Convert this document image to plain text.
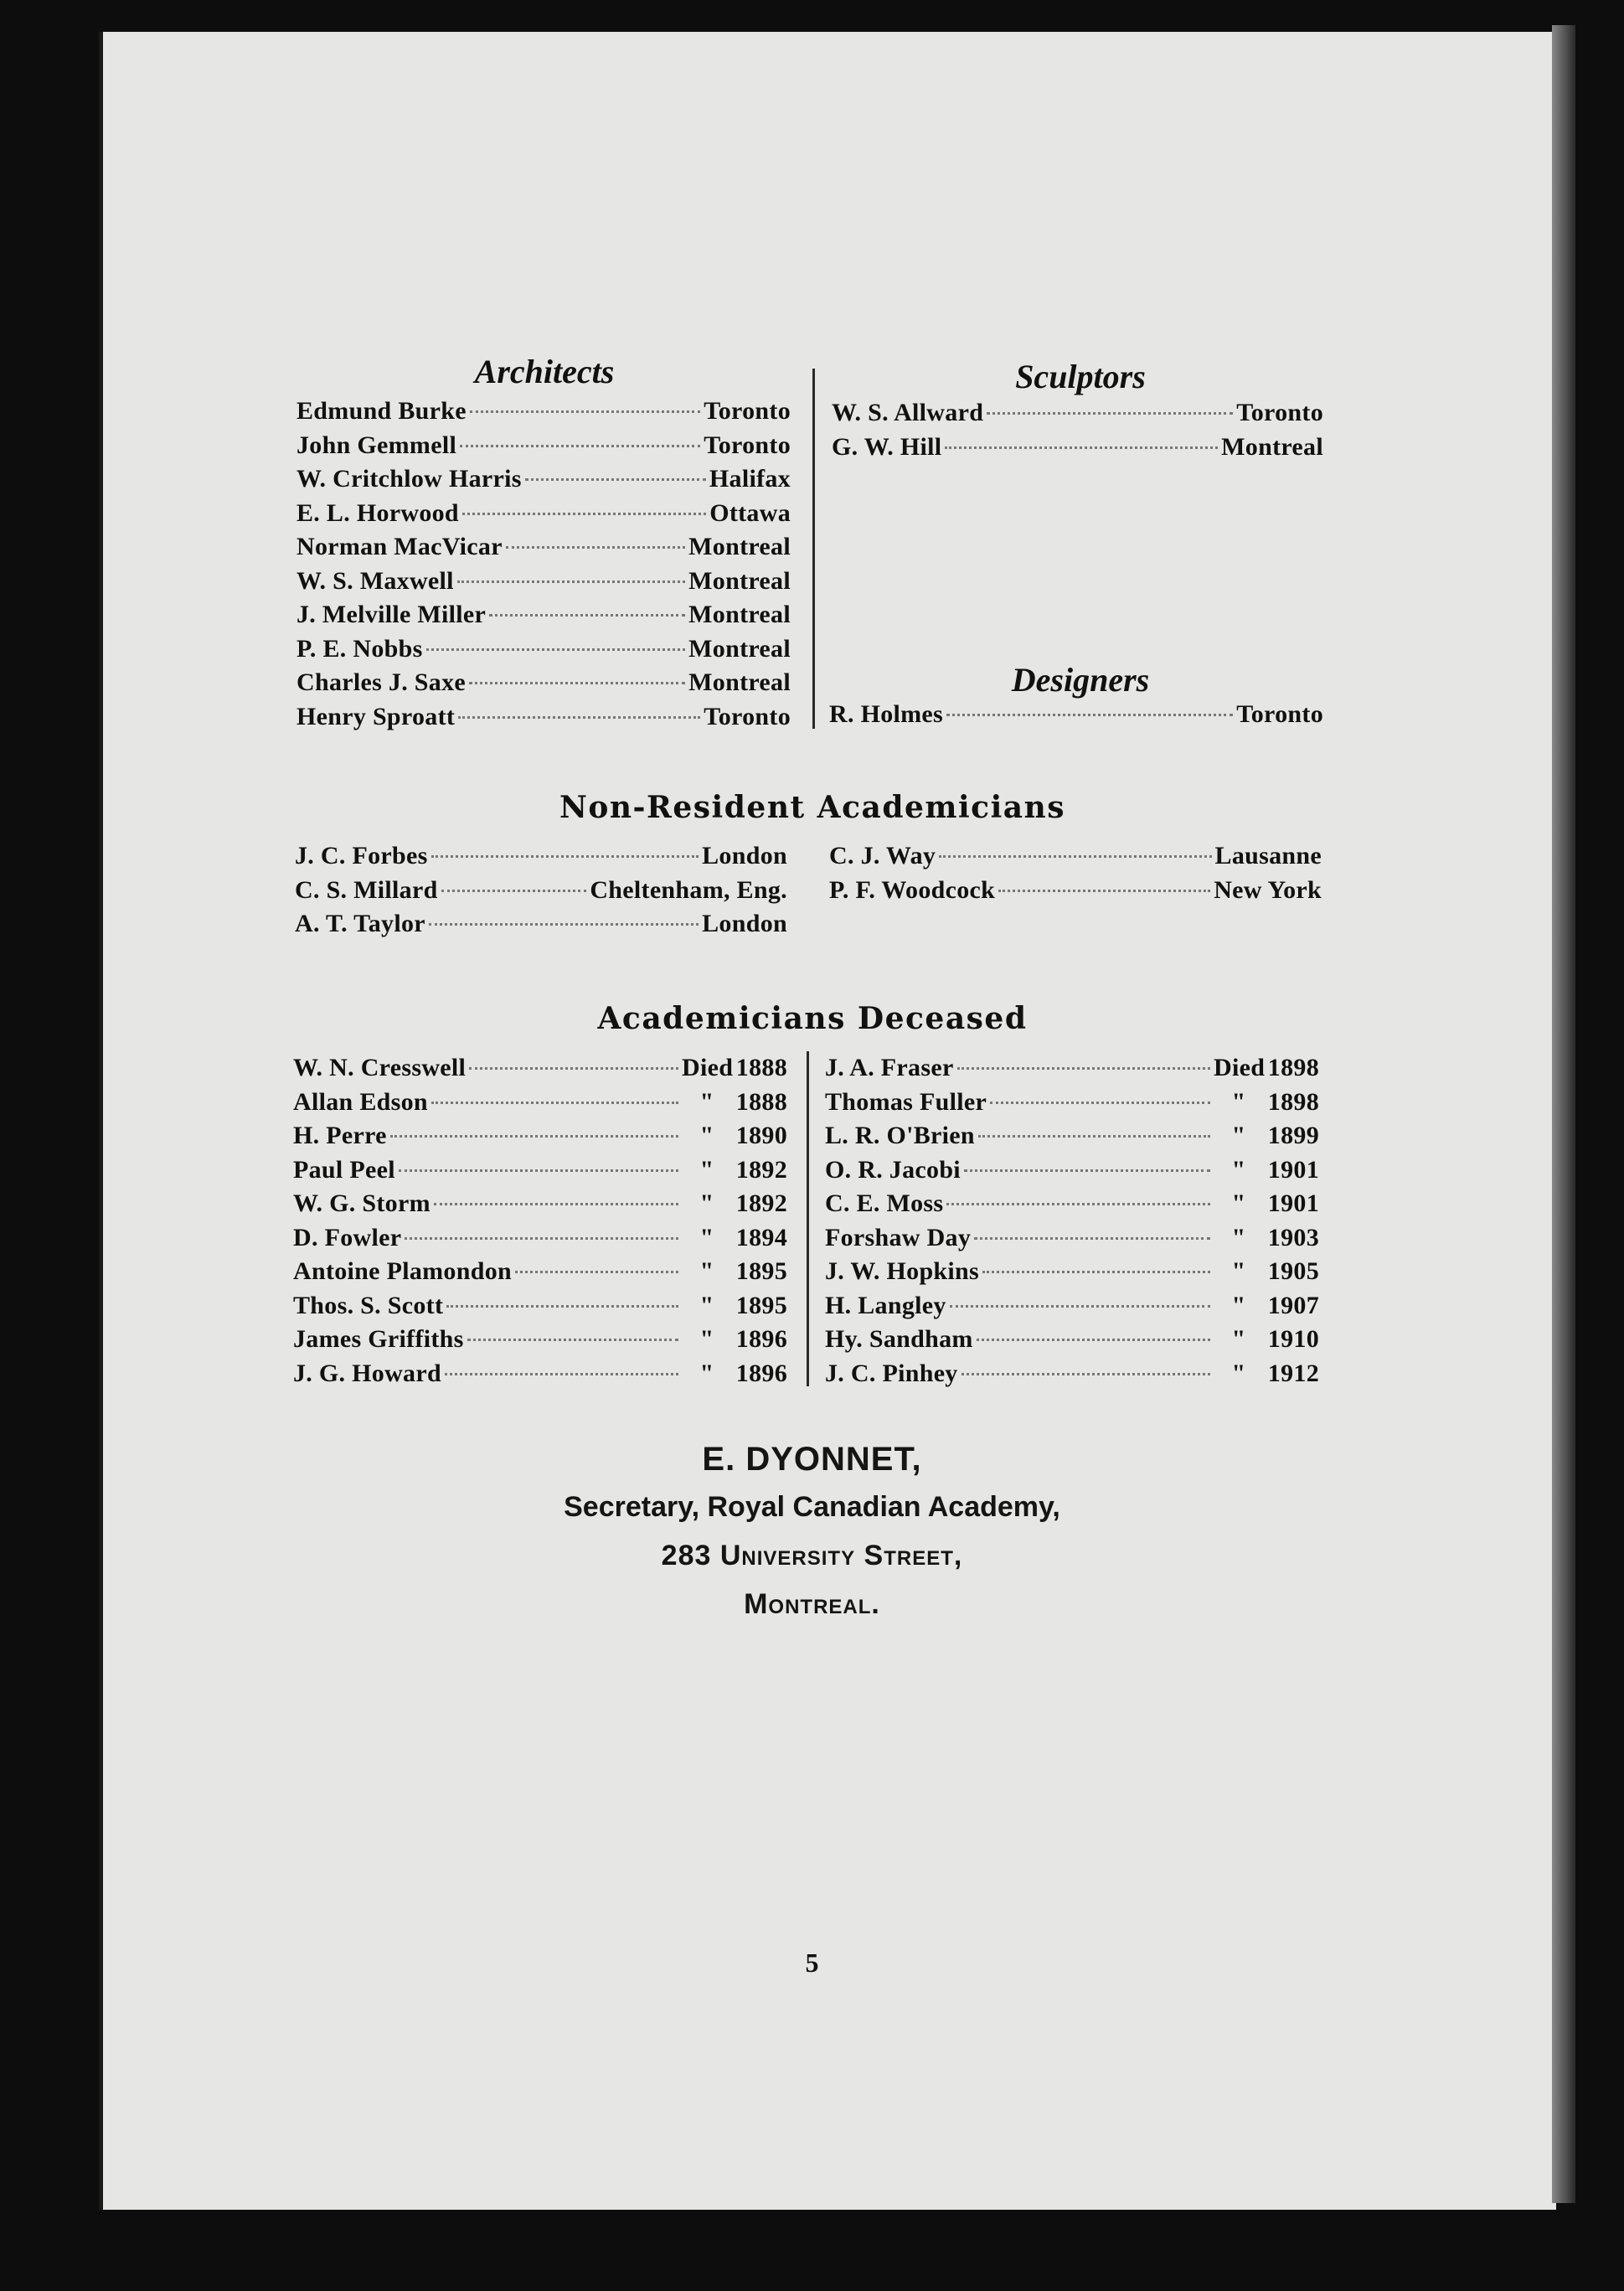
Architects
Edmund Burke	Toronto
John Gemmell	Toronto
W. Critchlow Harris	Halifax
E. L. Horwood	Ottawa
Norman MacVicar	Montreal
W. S. Maxwell	Montreal
J. Melville Miller	Montreal
P. E. Nobbs	Montreal
Charles J. Saxe	Montreal
Henry Sproatt	Toronto
Sculptors
W. S. Allward	Toronto
G. W. Hill	Montreal
Designers
R. Holmes	Toronto
Non-Resident Academicians
J. C. Forbes	London
C. S. Millard	Cheltenham, Eng.
A. T. Taylor	London
C. J. Way	Lausanne
P. F. Woodcock	New York
Academicians Deceased
W. N. Cresswell	Died 1888
Allan Edson	" 1888
H. Perre	" 1890
Paul Peel	" 1892
W. G. Storm	" 1892
D. Fowler	" 1894
Antoine Plamondon	" 1895
Thos. S. Scott	" 1895
James Griffiths	" 1896
J. G. Howard	" 1896
J. A. Fraser	Died 1898
Thomas Fuller	" 1898
L. R. O'Brien	" 1899
O. R. Jacobi	" 1901
C. E. Moss	" 1901
Forshaw Day	" 1903
J. W. Hopkins	" 1905
H. Langley	" 1907
Hy. Sandham	" 1910
J. C. Pinhey	" 1912
E. DYONNET,
Secretary, Royal Canadian Academy,
283 University Street,
Montreal.
5
